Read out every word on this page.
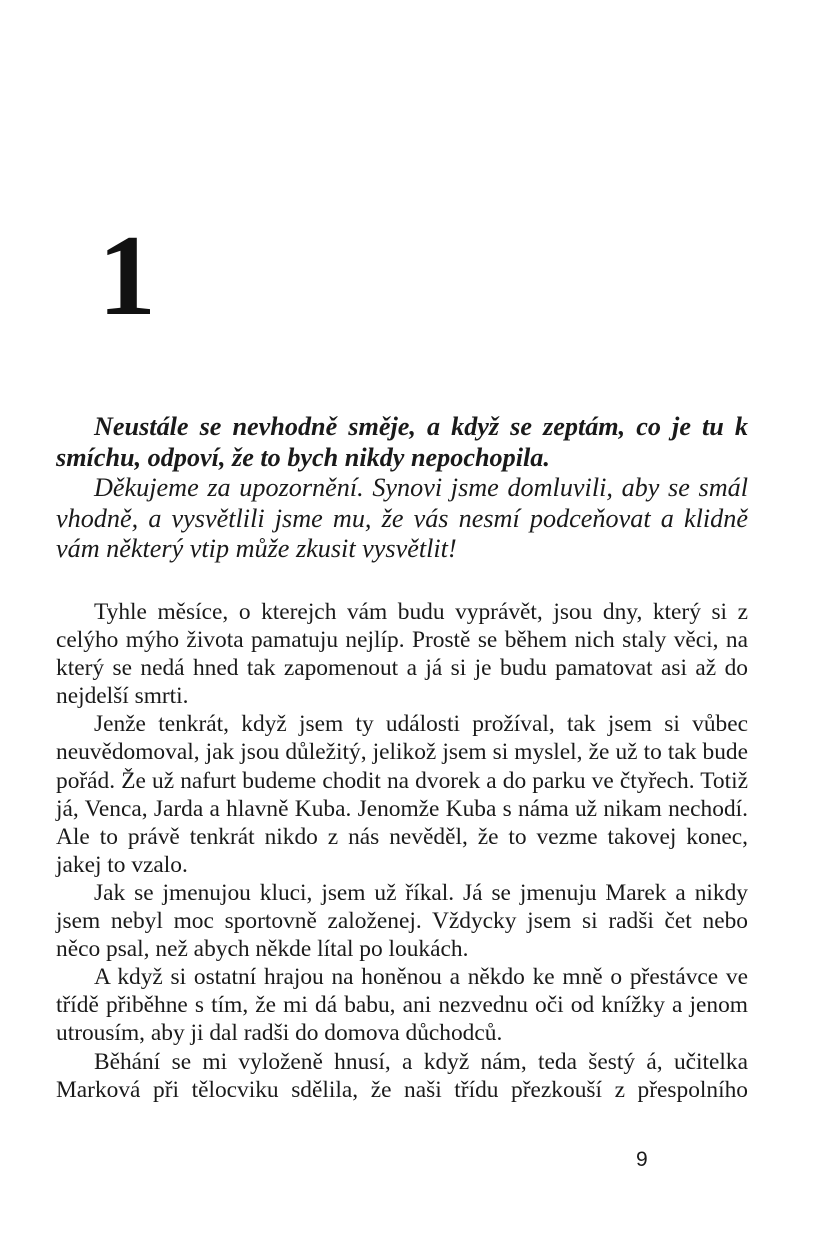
1

Neustále se nevhodně směje, a když se zeptám, co je tu k smíchu, odpoví, že to bych nikdy nepochopila.

Děkujeme za upozornění. Synovi jsme domluvili, aby se smál vhodně, a vysvětlili jsme mu, že vás nesmí podceňovat a klidně vám některý vtip může zkusit vysvětlit!

Tyhle měsíce, o kterejch vám budu vyprávět, jsou dny, který si z celýho mýho života pamatuju nejlíp. Prostě se během nich staly věci, na který se nedá hned tak zapomenout a já si je budu pamatovat asi až do nejdelší smrti.

Jenže tenkrát, když jsem ty události prožíval, tak jsem si vůbec neuvědomoval, jak jsou důležitý, jelikož jsem si myslel, že už to tak bude pořád. Že už nafurt budeme chodit na dvorek a do parku ve čtyřech. Totiž já, Venca, Jarda a hlavně Kuba. Jenomže Kuba s náma už nikam nechodí. Ale to právě tenkrát nikdo z nás nevěděl, že to vezme takovej konec, jakej to vzalo.

Jak se jmenujou kluci, jsem už říkal. Já se jmenuju Marek a nikdy jsem nebyl moc sportovně založenej. Vždycky jsem si radši čet nebo něco psal, než abych někde lítal po loukách.

A když si ostatní hrajou na honěnou a někdo ke mně o přestávce ve třídě přiběhne s tím, že mi dá babu, ani nezvednu oči od knížky a jenom utrousím, aby ji dal radši do domova důchodců.

Běhání se mi vyloženě hnusí, a když nám, teda šestý á, učitelka Marková při tělocviku sdělila, že naši třídu přezkouší z přespolního

9
